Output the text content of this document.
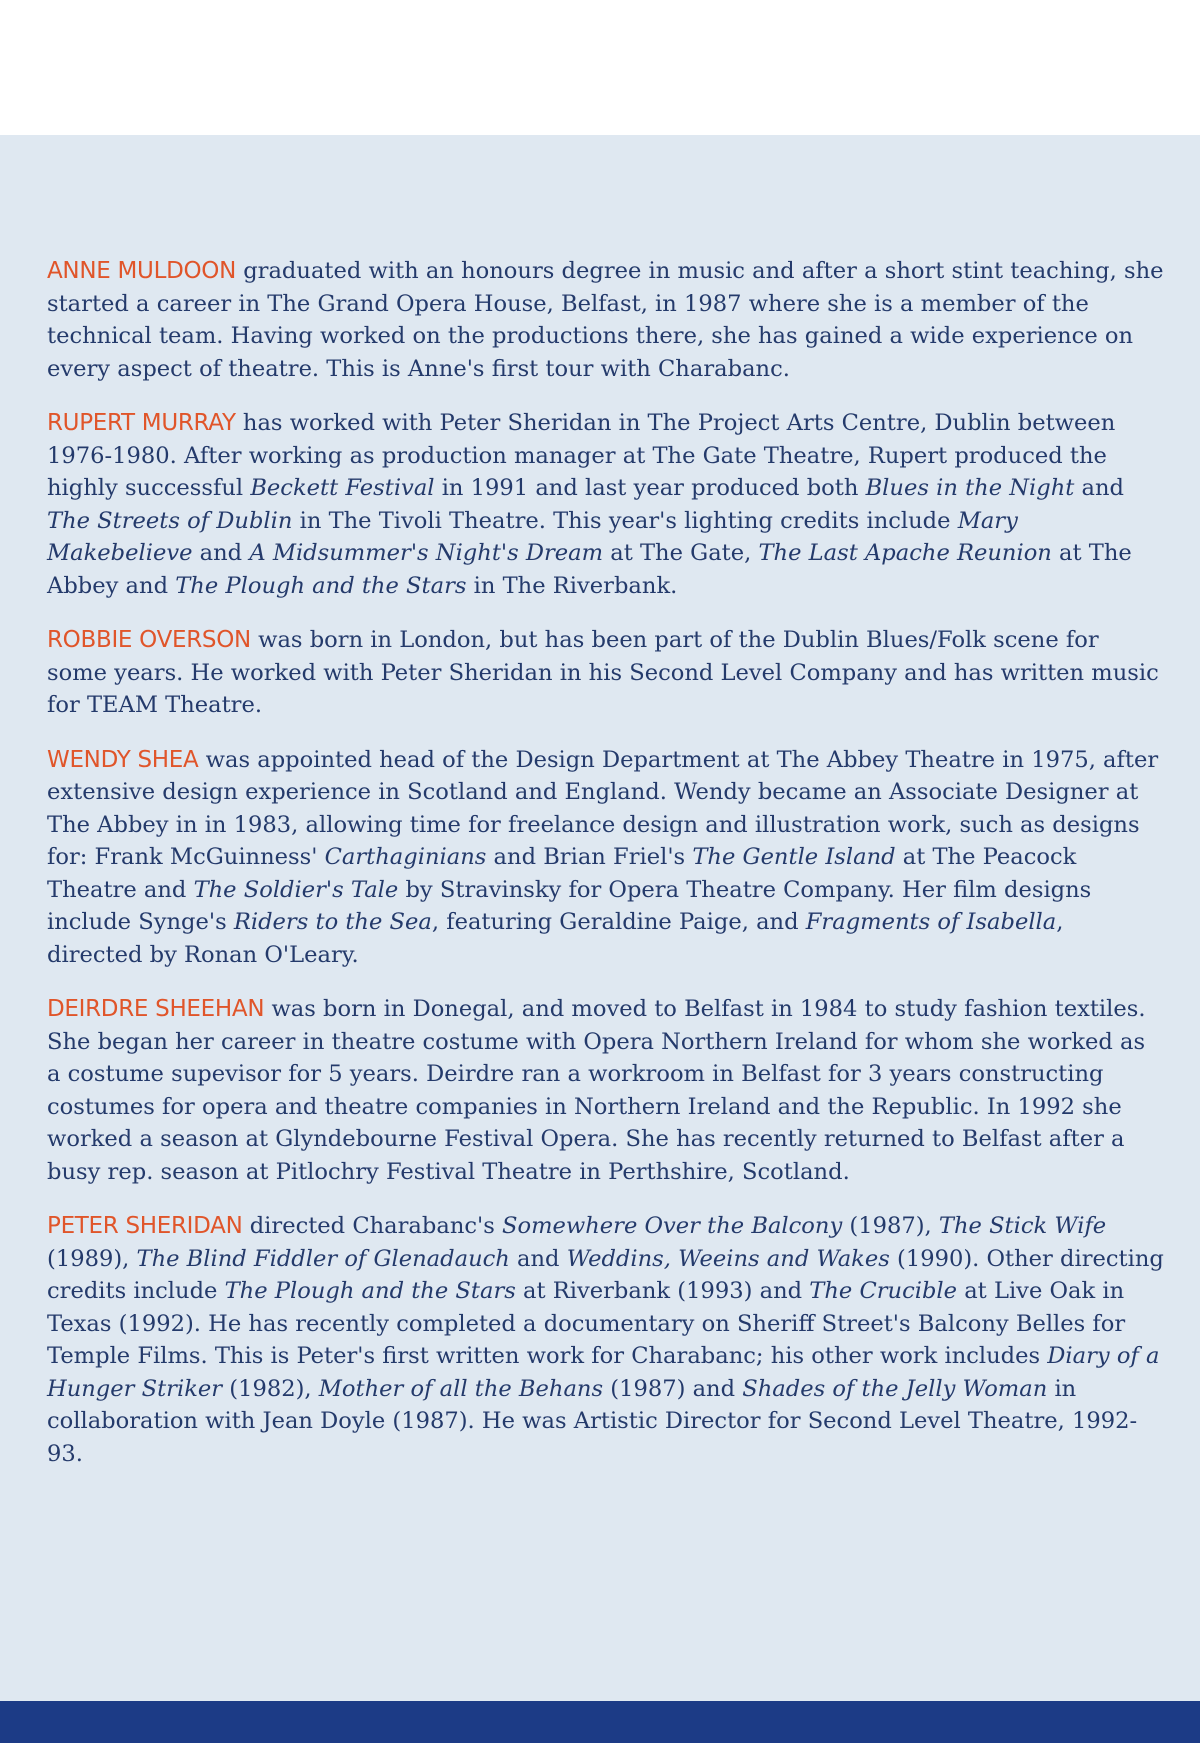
ANNE MULDOON graduated with an honours degree in music and after a short stint teaching, she started a career in The Grand Opera House, Belfast, in 1987 where she is a member of the technical team. Having worked on the productions there, she has gained a wide experience on every aspect of theatre. This is Anne's first tour with Charabanc.

RUPERT MURRAY has worked with Peter Sheridan in The Project Arts Centre, Dublin between 1976-1980. After working as production manager at The Gate Theatre, Rupert produced the highly successful Beckett Festival in 1991 and last year produced both Blues in the Night and The Streets of Dublin in The Tivoli Theatre. This year's lighting credits include Mary Makebelieve and A Midsummer's Night's Dream at The Gate, The Last Apache Reunion at The Abbey and The Plough and the Stars in The Riverbank.

ROBBIE OVERSON was born in London, but has been part of the Dublin Blues/Folk scene for some years. He worked with Peter Sheridan in his Second Level Company and has written music for TEAM Theatre.

WENDY SHEA was appointed head of the Design Department at The Abbey Theatre in 1975, after extensive design experience in Scotland and England. Wendy became an Associate Designer at The Abbey in in 1983, allowing time for freelance design and illustration work, such as designs for: Frank McGuinness' Carthaginians and Brian Friel's The Gentle Island at The Peacock Theatre and The Soldier's Tale by Stravinsky for Opera Theatre Company. Her film designs include Synge's Riders to the Sea, featuring Geraldine Paige, and Fragments of Isabella, directed by Ronan O'Leary.

DEIRDRE SHEEHAN was born in Donegal, and moved to Belfast in 1984 to study fashion textiles. She began her career in theatre costume with Opera Northern Ireland for whom she worked as a costume supevisor for 5 years. Deirdre ran a workroom in Belfast for 3 years constructing costumes for opera and theatre companies in Northern Ireland and the Republic. In 1992 she worked a season at Glyndebourne Festival Opera. She has recently returned to Belfast after a busy rep. season at Pitlochry Festival Theatre in Perthshire, Scotland.

PETER SHERIDAN directed Charabanc's Somewhere Over the Balcony (1987), The Stick Wife (1989), The Blind Fiddler of Glenadauch and Weddins, Weeins and Wakes (1990). Other directing credits include The Plough and the Stars at Riverbank (1993) and The Crucible at Live Oak in Texas (1992). He has recently completed a documentary on Sheriff Street's Balcony Belles for Temple Films. This is Peter's first written work for Charabanc; his other work includes Diary of a Hunger Striker (1982), Mother of all the Behans (1987) and Shades of the Jelly Woman in collaboration with Jean Doyle (1987). He was Artistic Director for Second Level Theatre, 1992-93.
